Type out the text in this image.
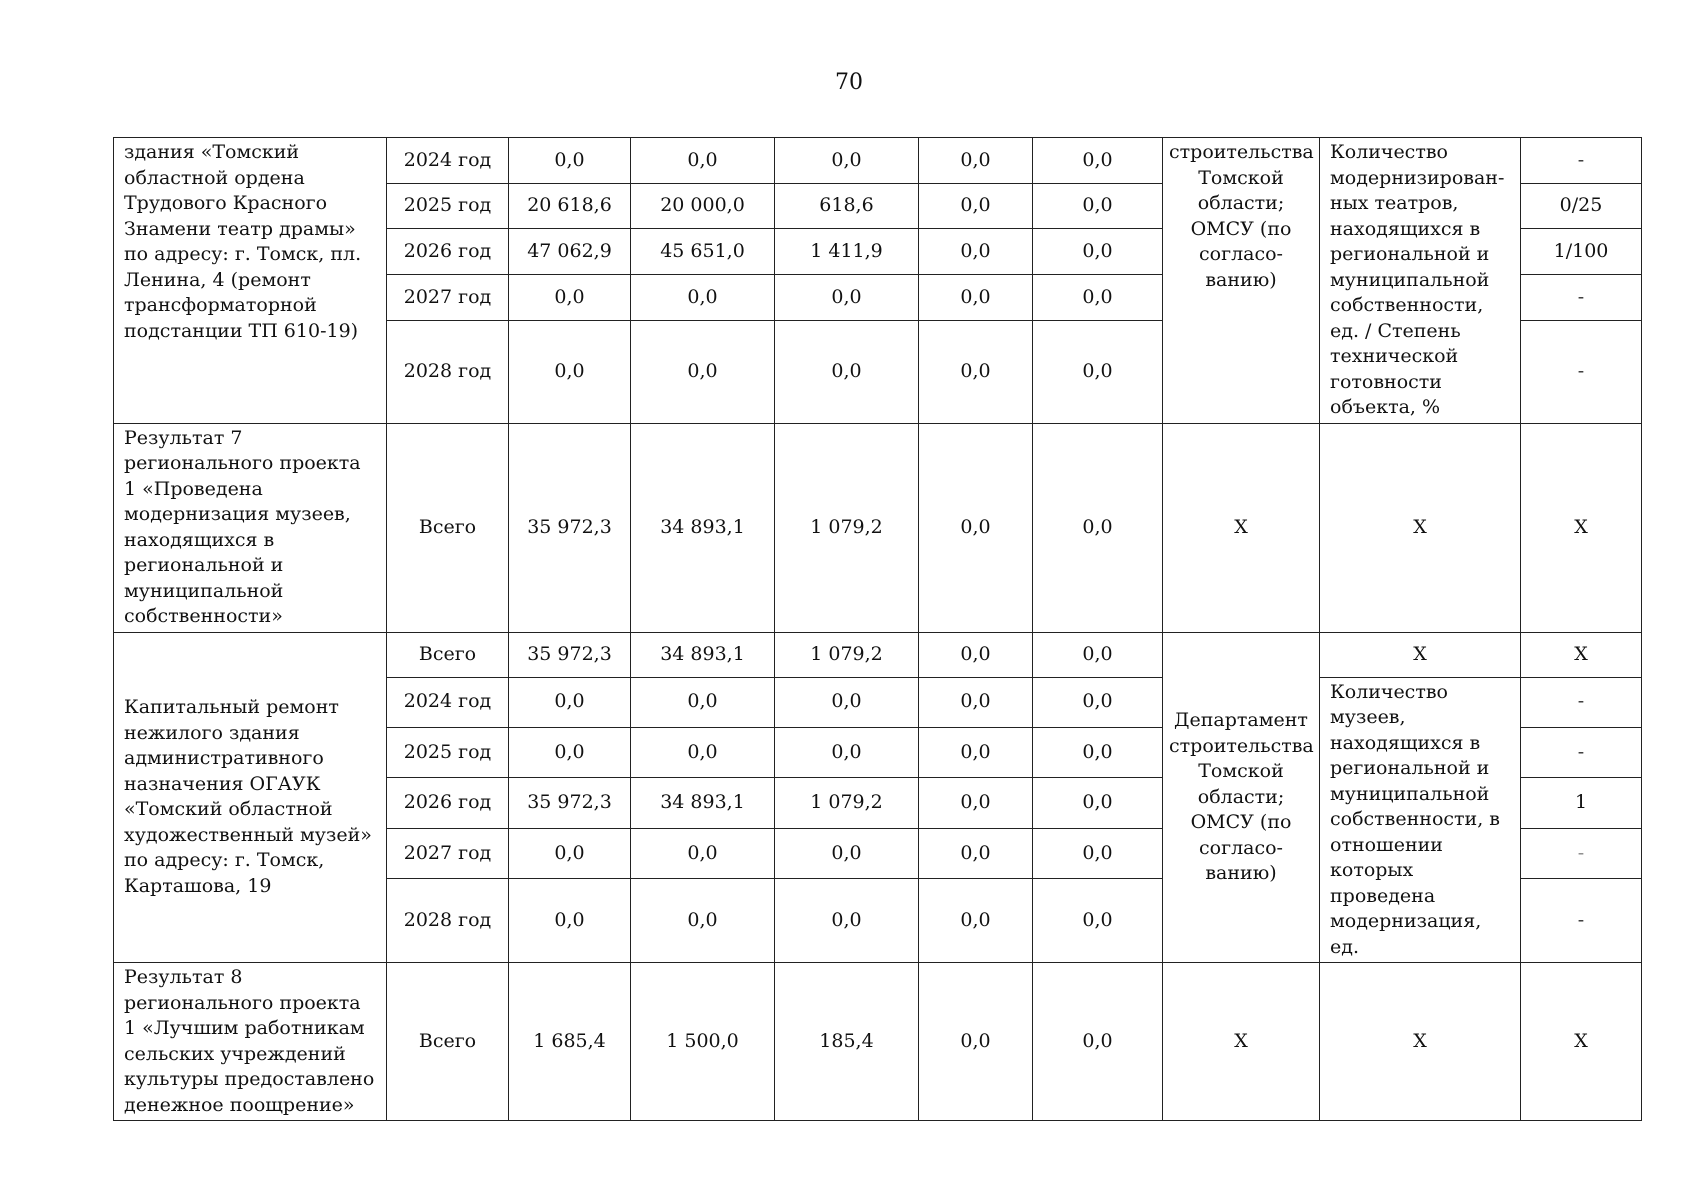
70
здания «Томский областной ордена Трудового Красного Знамени театр драмы» по адресу: г. Томск, пл. Ленина, 4 (ремонт трансформаторной подстанции ТП 610-19)	2024 год	0,0	0,0	0,0	0,0	0,0	строительства Томской области; ОМСУ (по согласо-ванию)	Количество модернизирован-ных театров, находящихся в региональной и муниципальной собственности, ед. / Степень технической готовности объекта, %	-
	2025 год	20 618,6	20 000,0	618,6	0,0	0,0			0/25
	2026 год	47 062,9	45 651,0	1 411,9	0,0	0,0			1/100
	2027 год	0,0	0,0	0,0	0,0	0,0			-
	2028 год	0,0	0,0	0,0	0,0	0,0			-
Результат 7 регионального проекта 1 «Проведена модернизация музеев, находящихся в региональной и муниципальной собственности»	Всего	35 972,3	34 893,1	1 079,2	0,0	0,0	X	X	X
Капитальный ремонт нежилого здания административного назначения ОГАУК «Томский областной художественный музей» по адресу: г. Томск, Карташова, 19	Всего	35 972,3	34 893,1	1 079,2	0,0	0,0	Департамент строительства Томской области; ОМСУ (по согласо-ванию)	X	X
	2024 год	0,0	0,0	0,0	0,0	0,0		Количество музеев, находящихся в региональной и муниципальной собственности, в отношении которых проведена модернизация, ед.	-
	2025 год	0,0	0,0	0,0	0,0	0,0			-
	2026 год	35 972,3	34 893,1	1 079,2	0,0	0,0			1
	2027 год	0,0	0,0	0,0	0,0	0,0			-
	2028 год	0,0	0,0	0,0	0,0	0,0			-
Результат 8 регионального проекта 1 «Лучшим работникам сельских учреждений культуры предоставлено денежное поощрение»	Всего	1 685,4	1 500,0	185,4	0,0	0,0	X	X	X
